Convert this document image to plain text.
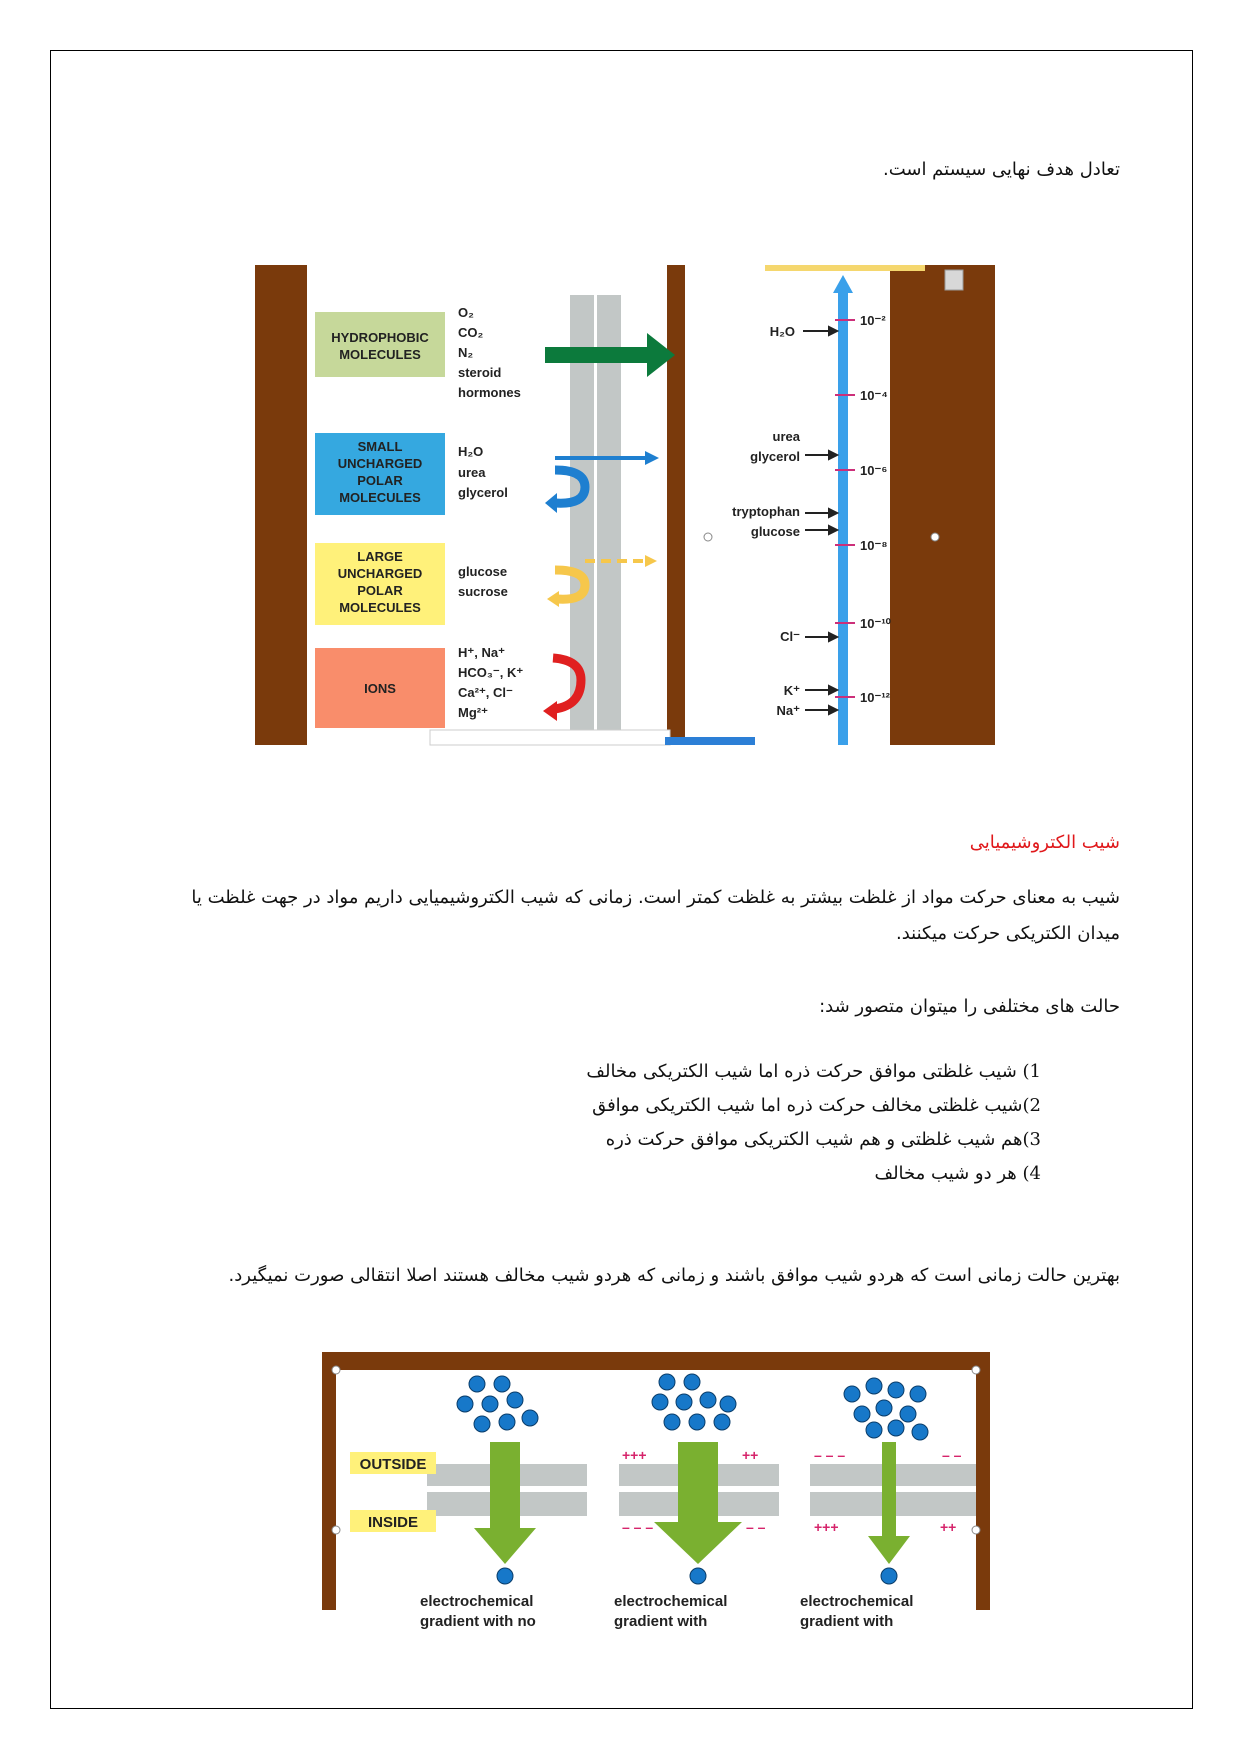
تعادل هدف نهایی سیستم است.
HYDROPHOBIC
MOLECULES
SMALL
UNCHARGED
POLAR
MOLECULES
LARGE
UNCHARGED
POLAR
MOLECULES
IONS
O₂
CO₂
N₂
steroid
hormones
H₂O
urea
glycerol
glucose
sucrose
H⁺, Na⁺
HCO₃⁻, K⁺
Ca²⁺, Cl⁻
Mg²⁺
10⁻²
10⁻⁴
10⁻⁶
10⁻⁸
10⁻¹⁰
10⁻¹²
H₂O
urea
glycerol
tryptophan
glucose
Cl⁻
K⁺
Na⁺
شیب الکتروشیمیایی
شیب به معنای حرکت مواد از غلظت بیشتر به غلظت کمتر است. زمانی که شیب الکتروشیمیایی داریم مواد در جهت غلظت یا میدان الکتریکی حرکت میکنند.
حالت های مختلفی را میتوان متصور شد:
1) شیب غلظتی موافق حرکت ذره اما شیب الکتریکی مخالف
2)شیب غلظتی مخالف حرکت ذره اما شیب الکتریکی موافق
3)هم شیب غلظتی و هم شیب الکتریکی موافق حرکت ذره
4) هر دو شیب مخالف
بهترین حالت زمانی است که هردو شیب موافق باشند و زمانی که هردو شیب مخالف هستند اصلا انتقالی صورت نمیگیرد.
OUTSIDE
INSIDE
+++	++
– – –	– –
– – –	– –
+++	++
electrochemical
gradient with no
electrochemical
gradient with
electrochemical
gradient with
